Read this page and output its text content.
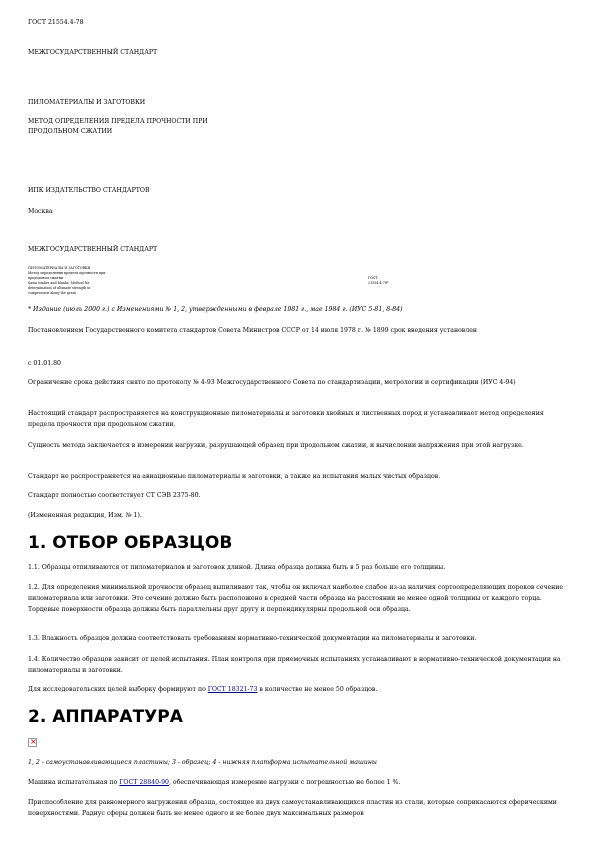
ГОСТ 21554.4-78
МЕЖГОСУДАРСТВЕННЫЙ СТАНДАРТ
ПИЛОМАТЕРИАЛЫ И ЗАГОТОВКИ
МЕТОД ОПРЕДЕЛЕНИЯ ПРЕДЕЛА ПРОЧНОСТИ ПРИ
ПРОДОЛЬНОМ СЖАТИИ
ИПК ИЗДАТЕЛЬСТВО СТАНДАРТОВ
Москва
МЕЖГОСУДАРСТВЕННЫЙ СТАНДАРТ
ПИЛОМАТЕРИАЛЫ И ЗАГОТОВКИ
Метод определения предела прочности при
продольном сжатии
Sawn timber and blanks. Method for
determination of ultimate strength in
compression along the grain
ГОСТ
21554.4-78*
* Издание (июль 2000 г.) с Изменениями № 1, 2, утвержденными в феврале 1981 г., мае 1984 г. (ИУС 5-81, 8-84)
Постановлением Государственного комитета стандартов Совета Министров СССР от 14 июля 1978 г. № 1899 срок введения установлен
с 01.01.80
Ограничение срока действия снято по протоколу № 4-93 Межгосударственного Совета по стандартизации, метрологии и сертификации (ИУС 4-94)
Настоящий стандарт распространяется на конструкционные пиломатериалы и заготовки хвойных и лиственных пород и устанавливает метод определения предела прочности при продольном сжатии.
Сущность метода заключается в измерении нагрузки, разрушающей образец при продольном сжатии, и вычислении напряжения при этой нагрузке.
Стандарт не распространяется на авиационные пиломатериалы и заготовки, а также на испытания малых чистых образцов.
Стандарт полностью соответствует СТ СЭВ 2375-80.
(Измененная редакция, Изм. № 1).
1. ОТБОР ОБРАЗЦОВ
1.1. Образцы отпиливаются от пиломатериалов и заготовок длиной. Длина образца должна быть в 5 раз больше его толщины.
1.2. Для определения минимальной прочности образец выпиливают так, чтобы он включал наиболее слабое из-за наличия сортоопределяющих пороков сечение пиломатериала или заготовки. Это сечение должно быть расположено в средней части образца на расстоянии не менее одной толщины от каждого торца. Торцевые поверхности образца должны быть параллельны друг другу и перпендикулярны продольной оси образца.
1.3. Влажность образцов должна соответствовать требованиям нормативно-технической документации на пиломатериалы и заготовки.
1.4. Количество образцов зависит от целей испытания. План контроля при приемочных испытаниях устанавливают в нормативно-технической документации на пиломатериалы и заготовки.
Для исследовательских целей выборку формируют по ГОСТ 18321-73 в количестве не менее 50 образцов.
2. АППАРАТУРА
×
1, 2 - самоустанавливающиеся пластины; 3 - образец; 4 - нижняя платформа испытательной машины
Машина испытательная по ГОСТ 28840-90, обеспечивающая измерение нагрузки с погрешностью не более 1 %.
Приспособление для равномерного нагружения образца, состоящее из двух самоустанавливающихся пластин из стали, которые соприкасаются сферическими поверхностями. Радиус сферы должен быть не менее одного и не более двух максимальных размеров
